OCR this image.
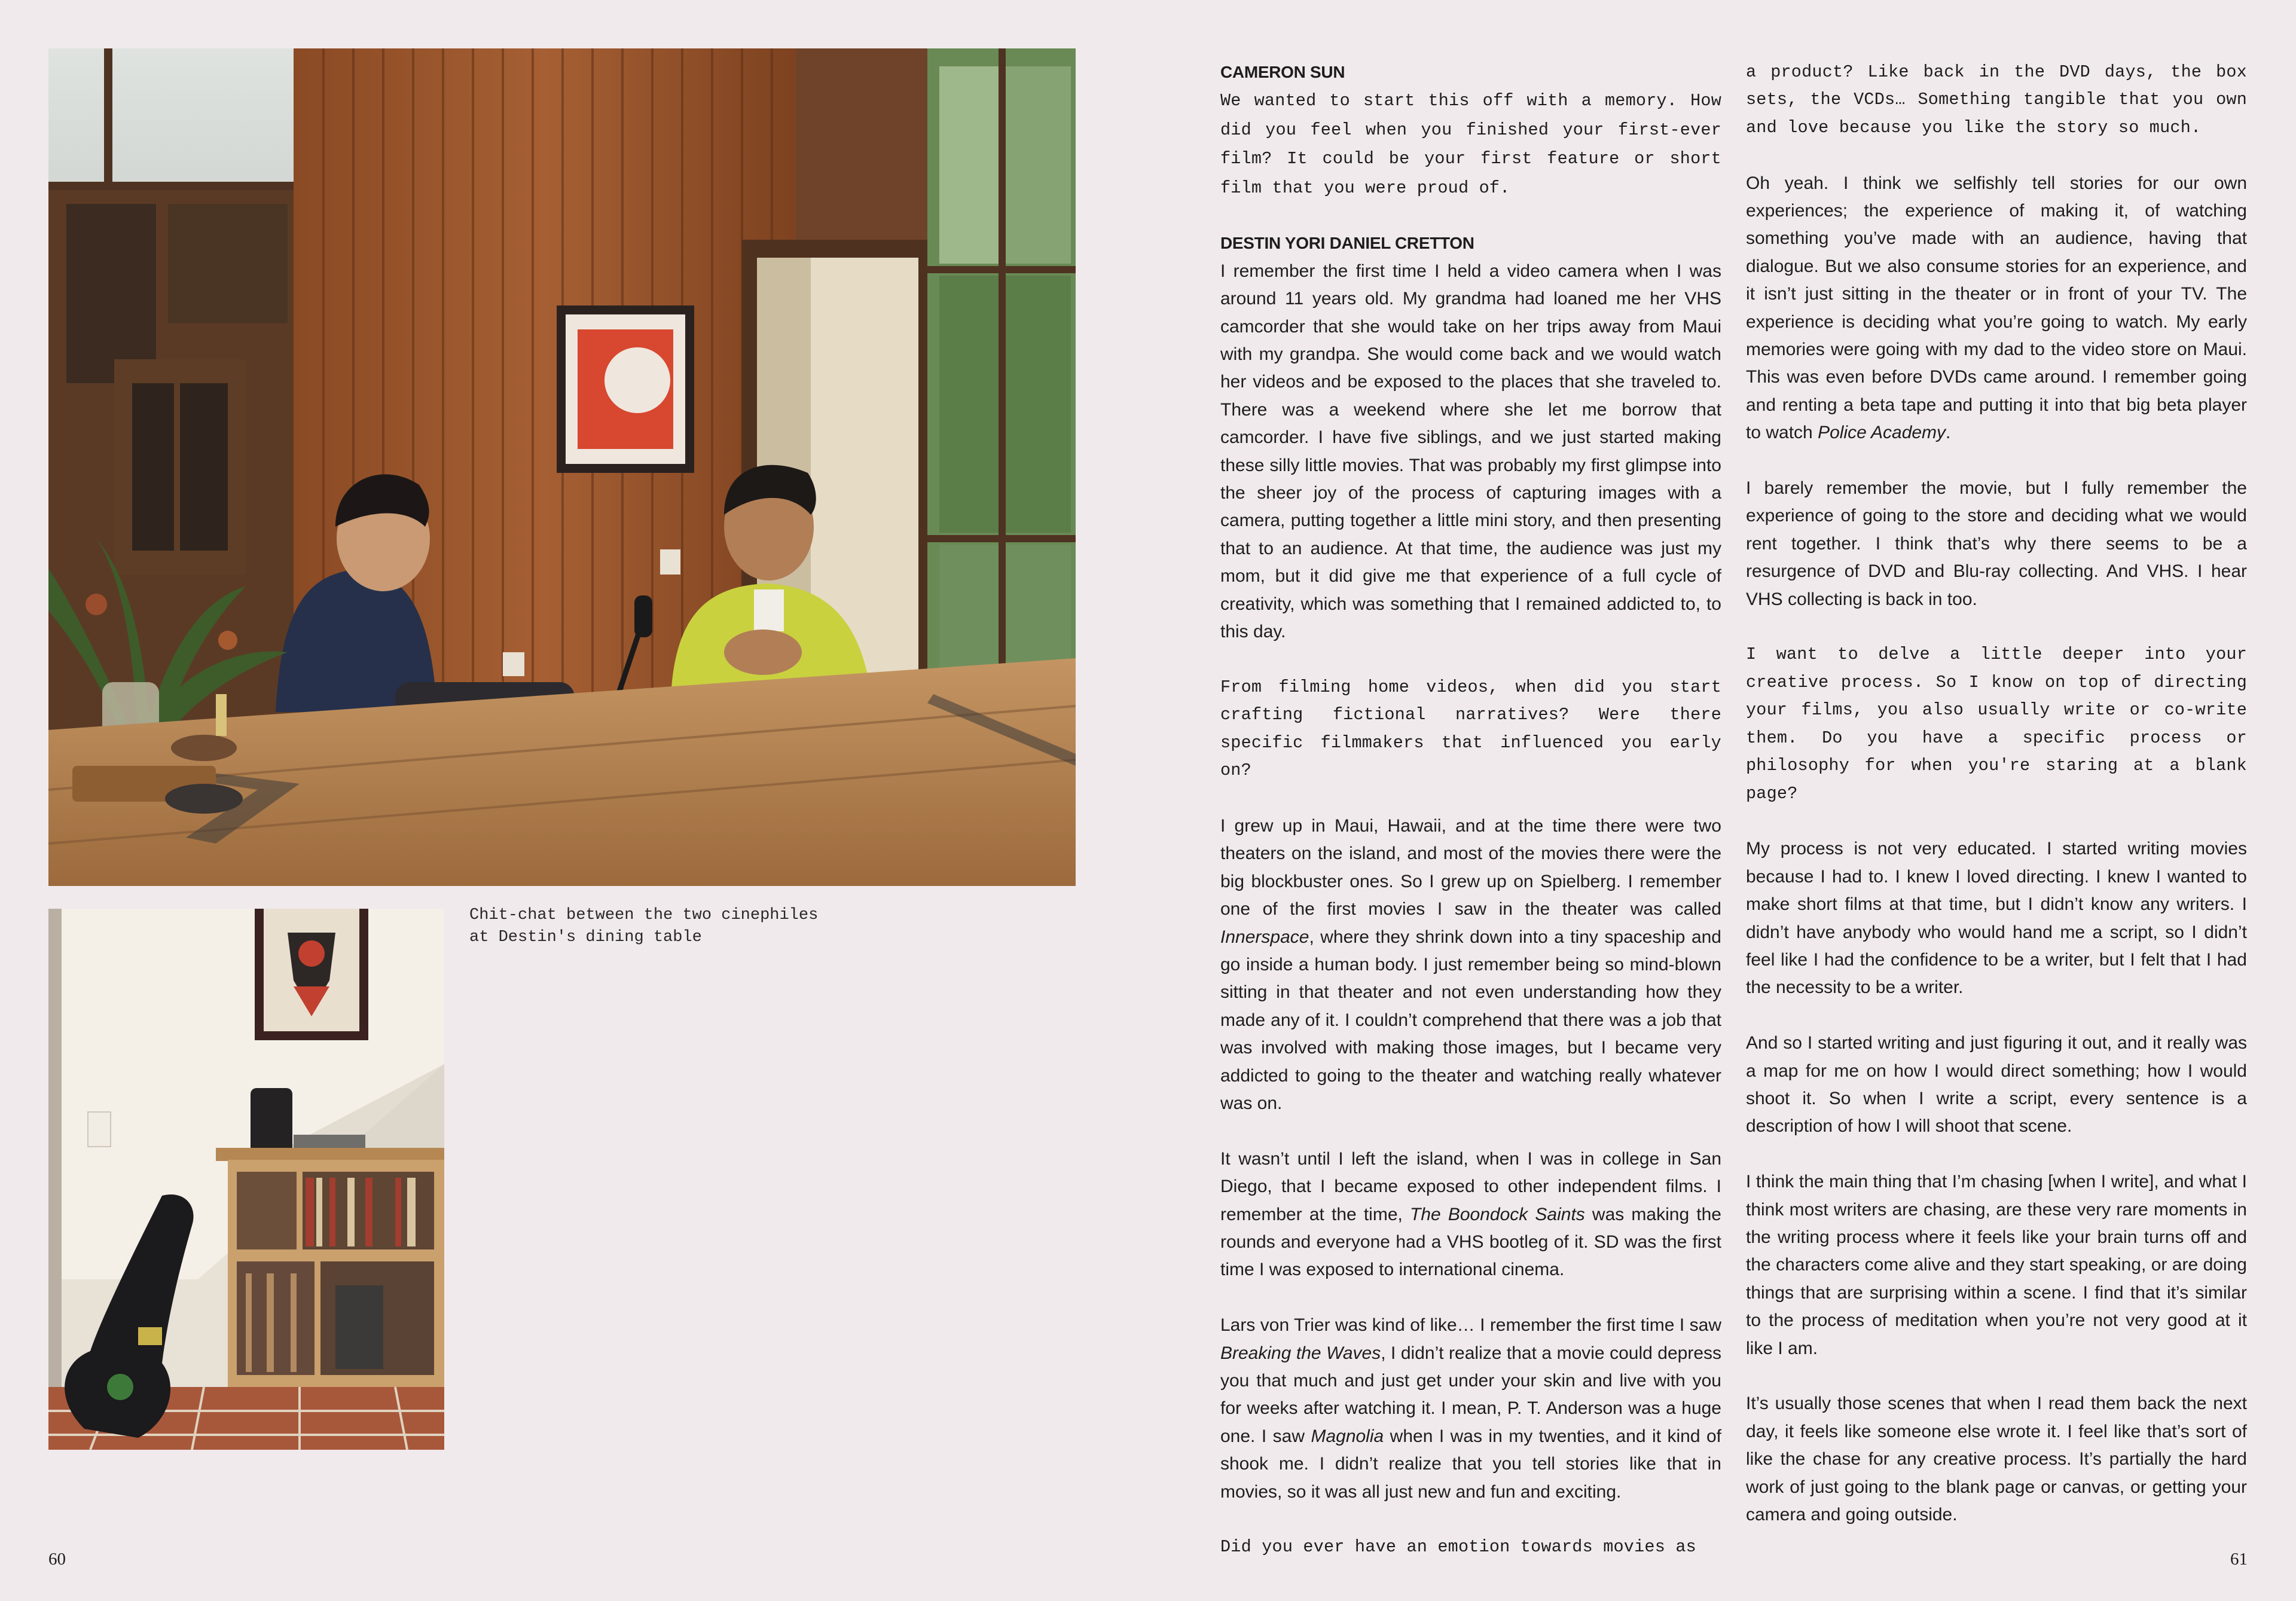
Chit-chat between the two cinephiles
at Destin's dining table

CAMERON SUN
We wanted to start this off with a memory. How did you feel when you finished your first-ever film? It could be your first feature or short film that you were proud of.

DESTIN YORI DANIEL CRETTON
I remember the first time I held a video camera when I was around 11 years old. My grandma had loaned me her VHS camcorder that she would take on her trips away from Maui with my grandpa. She would come back and we would watch her videos and be exposed to the places that she traveled to. There was a weekend where she let me borrow that camcorder. I have five siblings, and we just started making these silly little movies. That was probably my first glimpse into the sheer joy of the process of capturing images with a camera, putting together a little mini story, and then presenting that to an audience. At that time, the audience was just my mom, but it did give me that experience of a full cycle of creativity, which was something that I remained addicted to, to this day.

From filming home videos, when did you start crafting fictional narratives? Were there specific filmmakers that influenced you early on?

I grew up in Maui, Hawaii, and at the time there were two theaters on the island, and most of the movies there were the big blockbuster ones. So I grew up on Spielberg. I remember one of the first movies I saw in the theater was called Innerspace, where they shrink down into a tiny spaceship and go inside a human body. I just remember being so mind-blown sitting in that theater and not even understanding how they made any of it. I couldn’t comprehend that there was a job that was involved with making those images, but I became very addicted to going to the theater and watching really whatever was on.

It wasn’t until I left the island, when I was in college in San Diego, that I became exposed to other independent films. I remember at the time, The Boondock Saints was making the rounds and everyone had a VHS bootleg of it. SD was the first time I was exposed to international cinema.

Lars von Trier was kind of like… I remember the first time I saw Breaking the Waves, I didn’t realize that a movie could depress you that much and just get under your skin and live with you for weeks after watching it. I mean, P. T. Anderson was a huge one. I saw Magnolia when I was in my twenties, and it kind of shook me. I didn’t realize that you tell stories like that in movies, so it was all just new and fun and exciting.

Did you ever have an emotion towards movies as

a product? Like back in the DVD days, the box sets, the VCDs… Something tangible that you own and love because you like the story so much.

Oh yeah. I think we selfishly tell stories for our own experiences; the experience of making it, of watching something you’ve made with an audience, having that dialogue. But we also consume stories for an experience, and it isn’t just sitting in the theater or in front of your TV. The experience is deciding what you’re going to watch. My early memories were going with my dad to the video store on Maui. This was even before DVDs came around. I remember going and renting a beta tape and putting it into that big beta player to watch Police Academy.

I barely remember the movie, but I fully remember the experience of going to the store and deciding what we would rent together. I think that’s why there seems to be a resurgence of DVD and Blu-ray collecting. And VHS. I hear VHS collecting is back in too.

I want to delve a little deeper into your creative process. So I know on top of directing your films, you also usually write or co-write them. Do you have a specific process or philosophy for when you're staring at a blank page?

My process is not very educated. I started writing movies because I had to. I knew I loved directing. I knew I wanted to make short films at that time, but I didn’t know any writers. I didn’t have anybody who would hand me a script, so I didn’t feel like I had the confidence to be a writer, but I felt that I had the necessity to be a writer.

And so I started writing and just figuring it out, and it really was a map for me on how I would direct something; how I would shoot it. So when I write a script, every sentence is a description of how I will shoot that scene.

I think the main thing that I’m chasing [when I write], and what I think most writers are chasing, are these very rare moments in the writing process where it feels like your brain turns off and the characters come alive and they start speaking, or are doing things that are surprising within a scene. I find that it’s similar to the process of meditation when you’re not very good at it like I am.

It’s usually those scenes that when I read them back the next day, it feels like someone else wrote it. I feel like that’s sort of like the chase for any creative process. It’s partially the hard work of just going to the blank page or canvas, or getting your camera and going outside.

60	61
